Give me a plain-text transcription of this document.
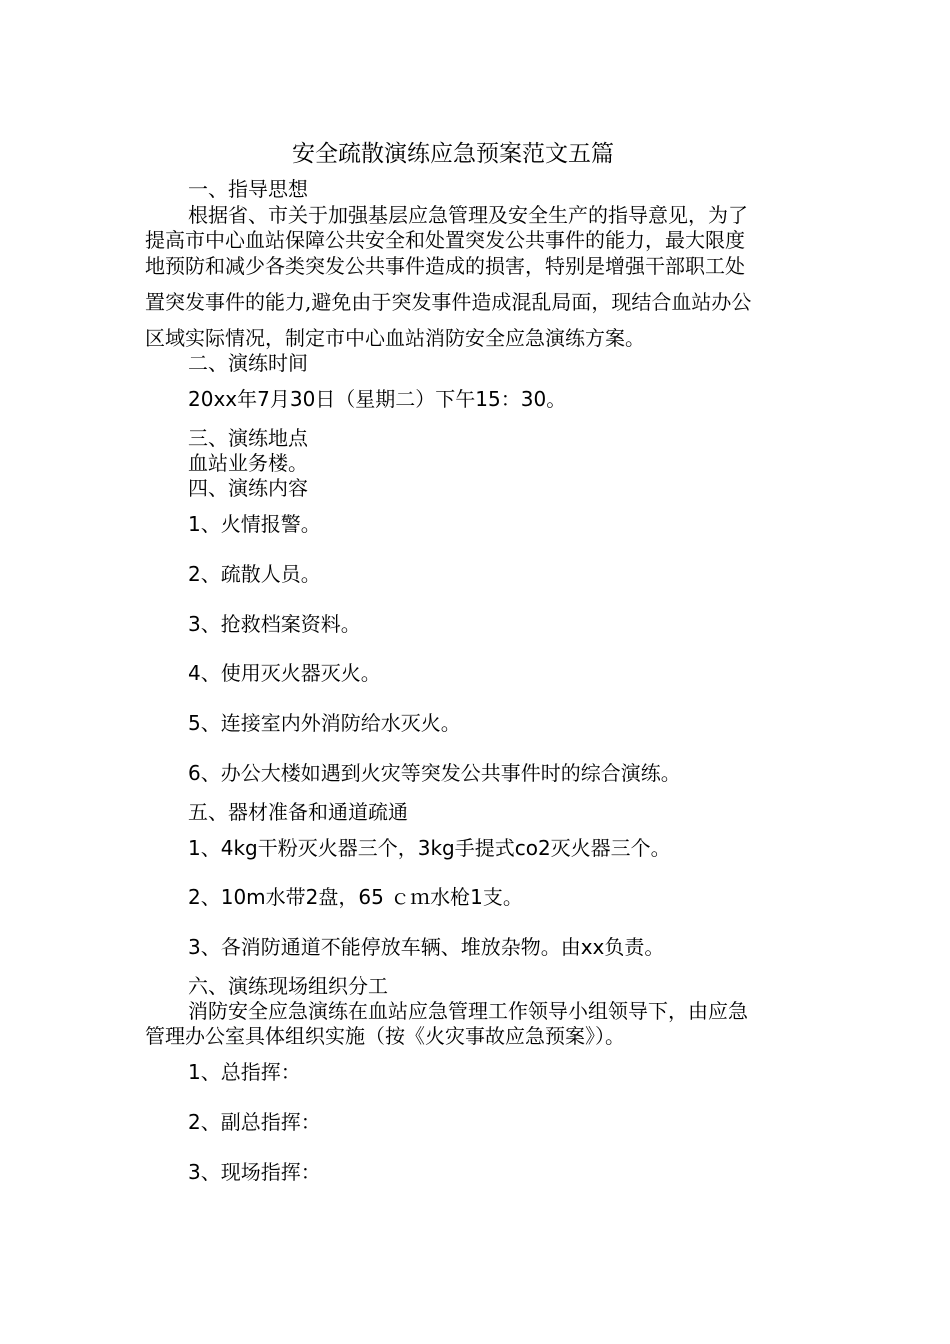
安全疏散演练应急预案范文五篇
一、指导思想
根据省、市关于加强基层应急管理及安全生产的指导意见，为了
提高市中心血站保障公共安全和处置突发公共事件的能力，最大限度
地预防和减少各类突发公共事件造成的损害，特别是增强干部职工处
置突发事件的能力,避免由于突发事件造成混乱局面，现结合血站办公
区域实际情况，制定市中心血站消防安全应急演练方案。
二、演练时间
20xx年7月30日（星期二）下午15：30。
三、演练地点
血站业务楼。
四、演练内容
1、火情报警。
2、疏散人员。
3、抢救档案资料。
4、使用灭火器灭火。
5、连接室内外消防给水灭火。
6、办公大楼如遇到火灾等突发公共事件时的综合演练。
五、器材准备和通道疏通
1、4kg干粉灭火器三个，3kg手提式co2灭火器三个。
2、10m水带2盘，65 ｃｍ水枪1支。
3、各消防通道不能停放车辆、堆放杂物。由xx负责。
六、演练现场组织分工
消防安全应急演练在血站应急管理工作领导小组领导下，由应急
管理办公室具体组织实施（按《火灾事故应急预案》）。
1、总指挥：
2、副总指挥：
3、现场指挥：
